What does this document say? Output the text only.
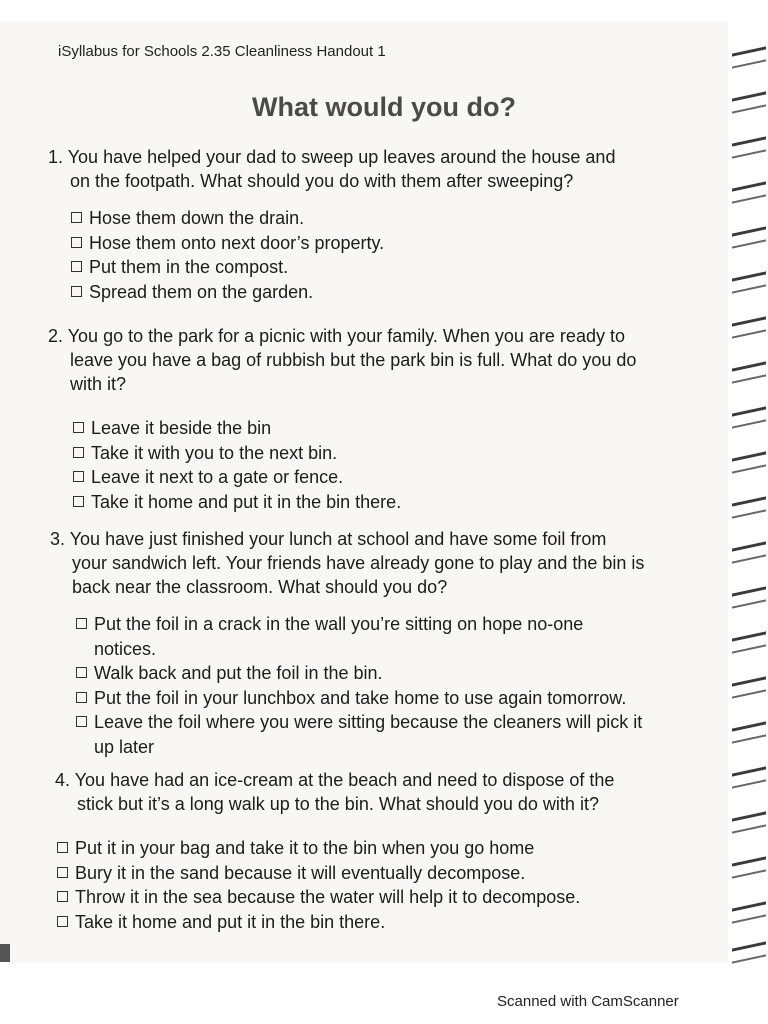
iSyllabus for Schools 2.35 Cleanliness Handout 1
What would you do?
1. You have helped your dad to sweep up leaves around the house and
on the footpath. What should you do with them after sweeping?
Hose them down the drain.
Hose them onto next door’s property.
Put them in the compost.
Spread them on the garden.
2. You go to the park for a picnic with your family. When you are ready to
leave you have a bag of rubbish but the park bin is full. What do you do
with it?
Leave it beside the bin
Take it with you to the next bin.
Leave it next to a gate or fence.
Take it home and put it in the bin there.
3. You have just finished your lunch at school and have some foil from
your sandwich left. Your friends have already gone to play and the bin is
back near the classroom. What should you do?
Put the foil in a crack in the wall you’re sitting on hope no-one
notices.
Walk back and put the foil in the bin.
Put the foil in your lunchbox and take home to use again tomorrow.
Leave the foil where you were sitting because the cleaners will pick it
up later
4. You have had an ice-cream at the beach and need to dispose of the
stick but it’s a long walk up to the bin. What should you do with it?
Put it in your bag and take it to the bin when you go home
Bury it in the sand because it will eventually decompose.
Throw it in the sea because the water will help it to decompose.
Take it home and put it in the bin there.
Scanned with CamScanner
